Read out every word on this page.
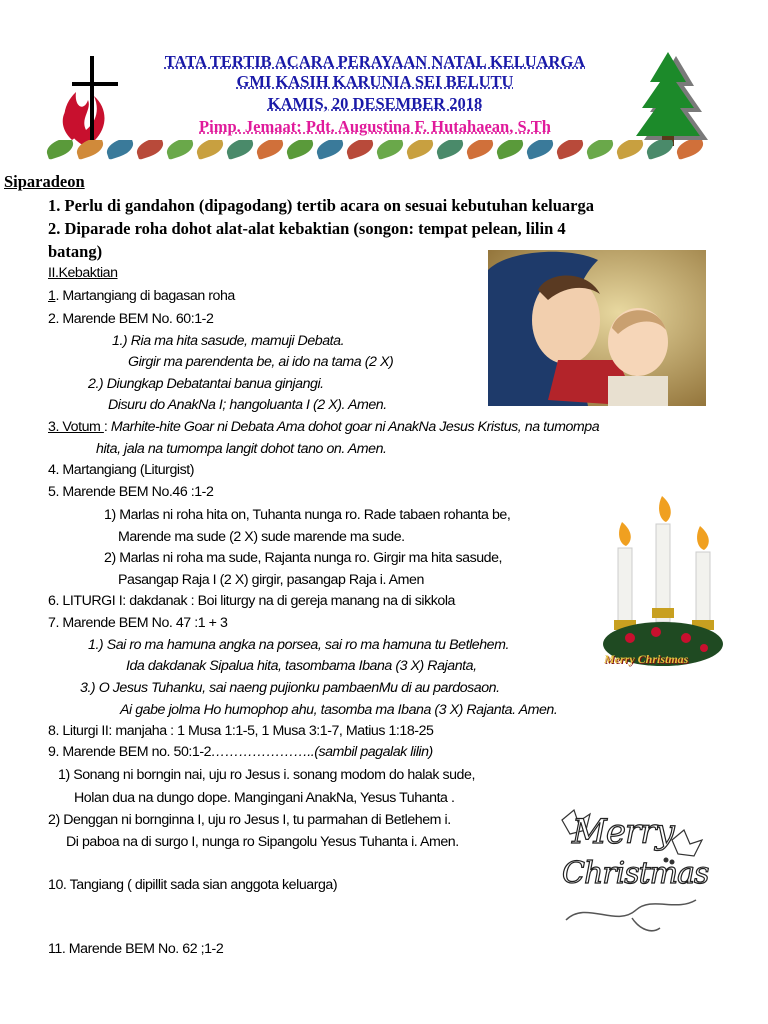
TATA TERTIB ACARA PERAYAAN NATAL KELUARGA
GMI KASIH KARUNIA SEI BELUTU
KAMIS, 20 DESEMBER 2018
Pimp. Jemaat: Pdt. Augustina F. Hutahaean, S.Th
Siparadeon
1. Perlu di gandahon (dipagodang) tertib acara on sesuai kebutuhan keluarga
2. Diparade roha dohot alat-alat kebaktian (songon: tempat pelean, lilin 4
batang)
II.Kebaktian
1. Martangiang di bagasan roha
2. Marende BEM No. 60:1-2
1.) Ria ma hita sasude, mamuji Debata.
Girgir ma parendenta be, ai ido na tama (2 X)
2.) Diungkap Debatantai banua ginjangi.
Disuru do AnakNa I; hangoluanta I (2 X). Amen.
3. Votum : Marhite-hite Goar ni Debata Ama dohot goar ni AnakNa Jesus Kristus, na tumompa
hita, jala na tumompa langit dohot tano on. Amen.
4. Martangiang (Liturgist)
5. Marende BEM No.46 :1-2
1) Marlas ni roha hita on, Tuhanta nunga ro. Rade tabaen rohanta be,
Marende ma sude (2 X) sude marende ma sude.
2) Marlas ni roha ma sude, Rajanta nunga ro. Girgir ma hita sasude,
Pasangap Raja I (2 X) girgir, pasangap Raja i. Amen
6. LITURGI I: dakdanak : Boi liturgy na di gereja manang na di sikkola
7. Marende BEM No. 47 :1 + 3
1.) Sai ro ma hamuna angka na porsea, sai ro ma hamuna tu Betlehem.
Ida dakdanak Sipalua hita, tasombama Ibana (3 X) Rajanta,
3.) O Jesus Tuhanku, sai naeng pujionku pambaenMu di au pardosaon.
Ai gabe jolma Ho humophop ahu, tasomba ma Ibana (3 X) Rajanta. Amen.
8. Liturgi II: manjaha : 1 Musa 1:1-5, 1 Musa 3:1-7, Matius 1:18-25
9. Marende BEM no. 50:1-2…………………..(sambil pagalak lilin)
1) Sonang ni borngin nai, uju ro Jesus i. sonang modom do halak sude,
Holan dua na dungo dope. Mangingani AnakNa, Yesus Tuhanta .
2) Denggan ni bornginna I, uju ro Jesus I, tu parmahan di Betlehem i.
Di paboa na di surgo I, nunga ro Sipangolu Yesus Tuhanta i. Amen.
10. Tangiang ( dipillit sada sian anggota keluarga)
11. Marende BEM No. 62 ;1-2
Merry Christmas
Merry
Christmas
